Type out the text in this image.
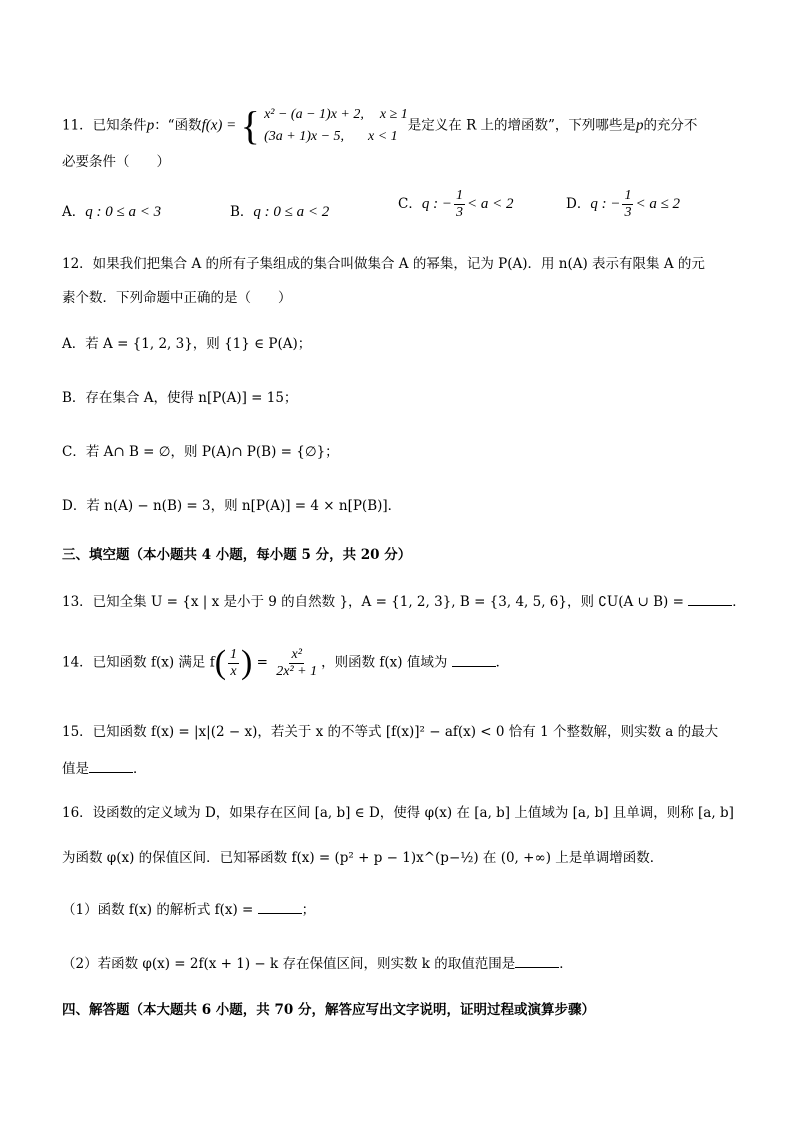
11．已知条件p：“函数f(x) = { x² − (a − 1)x + 2, x ≥ 1
(3a + 1)x − 5, x < 1
是定义在 R 上的增函数”，下列哪些是p的充分不
必要条件（　　）
A．q : 0 ≤ a < 3	B．q : 0 ≤ a < 2	C．q : − $\frac{1}{3} < a < 2$	D．q : − $\frac{1}{3} < a \le 2$
12．如果我们把集合 A 的所有子集组成的集合叫做集合 A 的幂集，记为 P(A)．用 n(A) 表示有限集 A 的元
素个数．下列命题中正确的是（　　）
A．若 A = {1, 2, 3}，则 {1} ∈ P(A)；
B．存在集合 A，使得 n[P(A)] = 15；
C．若 A∩ B = ∅，则 P(A)∩ P(B) = {∅}；
D．若 n(A) − n(B) = 3，则 n[P(A)] = 4 × n[P(B)]．
三、填空题（本小题共 4 小题，每小题 5 分，共 20 分）
13．已知全集 U = {x | x 是小于 9 的自然数 }，A = {1, 2, 3}, B = {3, 4, 5, 6}，则 ∁U(A ∪ B) =	．
14．已知函数 f(x) 满足 $f( \frac{1}{x}$ ) = $\frac{\text{x²}}{\text{2x² + 1}}$ ，则函数 f(x) 值域为	．
15．已知函数 f(x) = |x|(2 − x)，若关于 x 的不等式 [f(x)]² − af(x) < 0 恰有 1 个整数解，则实数 a 的最大
值是	．
16．设函数的定义域为 D，如果存在区间 [a, b] ∈ D，使得 φ(x) 在 [a, b] 上值域为 [a, b] 且单调，则称 [a, b]
为函数 φ(x) 的保值区间．已知幂函数 f(x) = (p² + p − 1)x^(p−½) 在 (0, +∞) 上是单调增函数．
（1）函数 f(x) 的解析式 f(x) =	；
（2）若函数 φ(x) = 2f(x + 1) − k 存在保值区间，则实数 k 的取值范围是	．
四、解答题（本大题共 6 小题，共 70 分，解答应写出文字说明，证明过程或演算步骤）
